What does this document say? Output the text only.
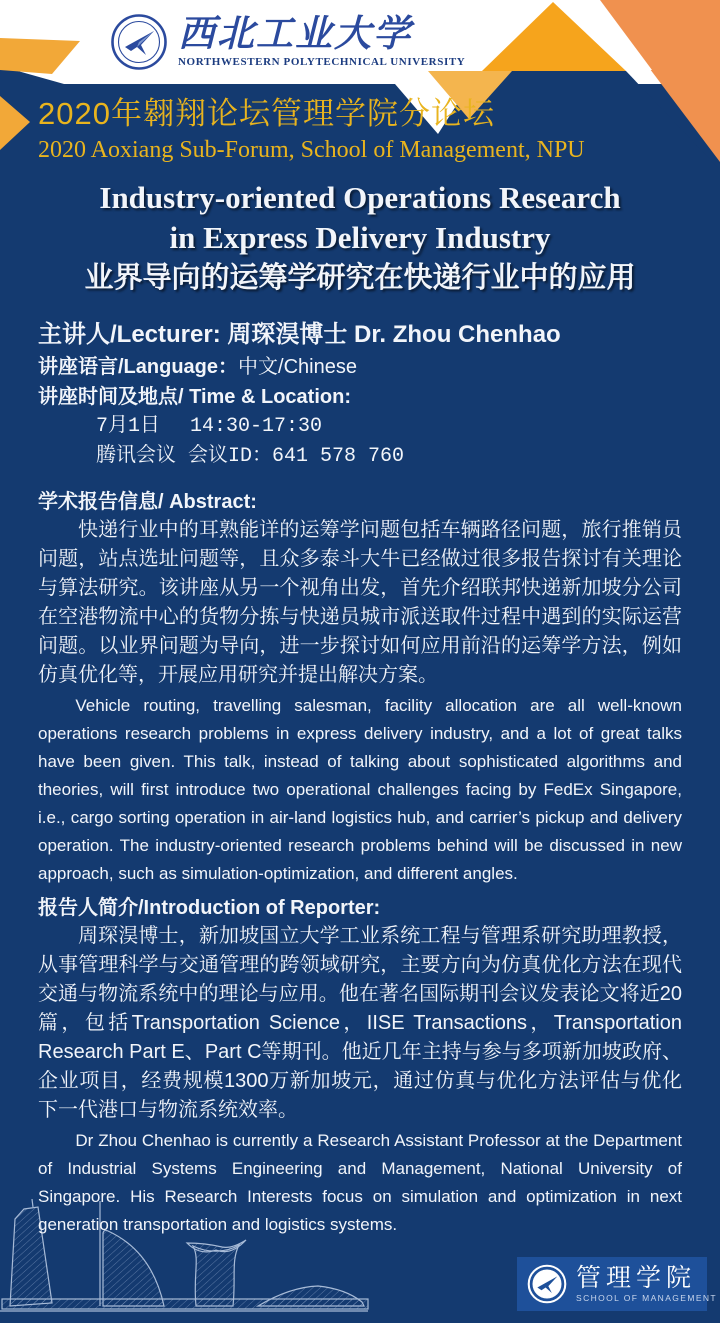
西北工业大学
NORTHWESTERN POLYTECHNICAL UNIVERSITY
2020年翱翔论坛管理学院分论坛
2020 Aoxiang Sub-Forum, School of Management, NPU
Industry-oriented Operations Research
in Express Delivery Industry
业界导向的运筹学研究在快递行业中的应用
主讲人/Lecturer: 周琛淏博士 Dr. Zhou Chenhao
讲座语言/Language：中文/Chinese
讲座时间及地点/ Time & Location:
7月1日 14:30-17:30
腾讯会议 会议ID：641 578 760
学术报告信息/ Abstract:

快递行业中的耳熟能详的运筹学问题包括车辆路径问题，旅行推销员问题，站点选址问题等，且众多泰斗大牛已经做过很多报告探讨有关理论与算法研究。该讲座从另一个视角出发，首先介绍联邦快递新加坡分公司在空港物流中心的货物分拣与快递员城市派送取件过程中遇到的实际运营问题。以业界问题为导向，进一步探讨如何应用前沿的运筹学方法，例如仿真优化等，开展应用研究并提出解决方案。

Vehicle routing, travelling salesman, facility allocation are all well-known operations research problems in express delivery industry, and a lot of great talks have been given. This talk, instead of talking about sophisticated algorithms and theories, will first introduce two operational challenges facing by FedEx Singapore, i.e., cargo sorting operation in air-land logistics hub, and carrier’s pickup and delivery operation. The industry-oriented research problems behind will be discussed in new approach, such as simulation-optimization, and different angles.

报告人简介/Introduction of Reporter:

周琛淏博士，新加坡国立大学工业系统工程与管理系研究助理教授，从事管理科学与交通管理的跨领域研究，主要方向为仿真优化方法在现代交通与物流系统中的理论与应用。他在著名国际期刊会议发表论文将近20篇，包括Transportation Science，IISE Transactions，Transportation Research Part E、Part C等期刊。他近几年主持与参与多项新加坡政府、企业项目，经费规模1300万新加坡元，通过仿真与优化方法评估与优化下一代港口与物流系统效率。

Dr Zhou Chenhao is currently a Research Assistant Professor at the Department of Industrial Systems Engineering and Management, National University of Singapore. His Research Interests focus on simulation and optimization in next generation transportation and logistics systems.

管理学院
SCHOOL OF MANAGEMENT
